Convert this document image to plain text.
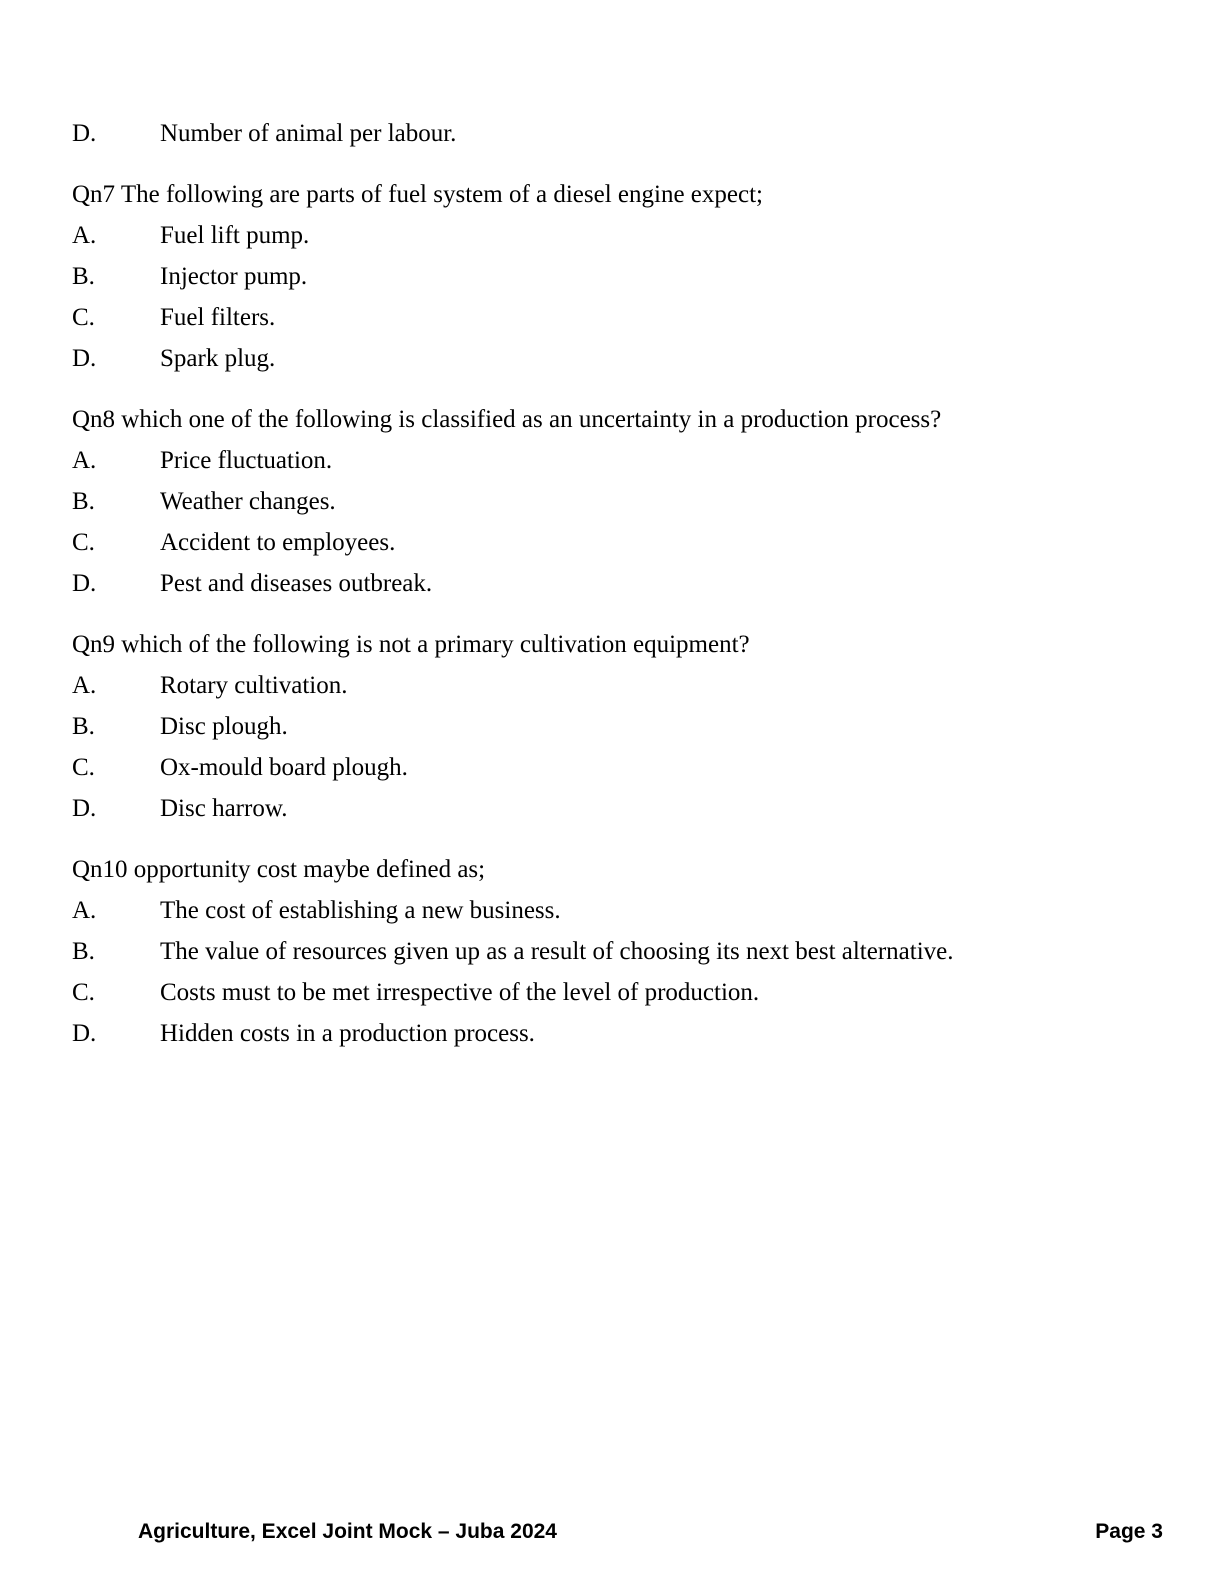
D.	Number of animal per labour.

Qn7 The following are parts of fuel system of a diesel engine expect;

A.	Fuel lift pump.
B.	Injector pump.
C.	Fuel filters.
D.	Spark plug.

Qn8 which one of the following is classified as an uncertainty in a production process?

A.	Price fluctuation.
B.	Weather changes.
C.	Accident to employees.
D.	Pest and diseases outbreak.

Qn9 which of the following is not a primary cultivation equipment?

A.	Rotary cultivation.
B.	Disc plough.
C.	Ox-mould board plough.
D.	Disc harrow.

Qn10 opportunity cost maybe defined as;

A.	The cost of establishing a new business.
B.	The value of resources given up as a result of choosing its next best alternative.
C.	Costs must to be met irrespective of the level of production.
D.	Hidden costs in a production process.
Agriculture, Excel Joint Mock – Juba 2024	Page 3
